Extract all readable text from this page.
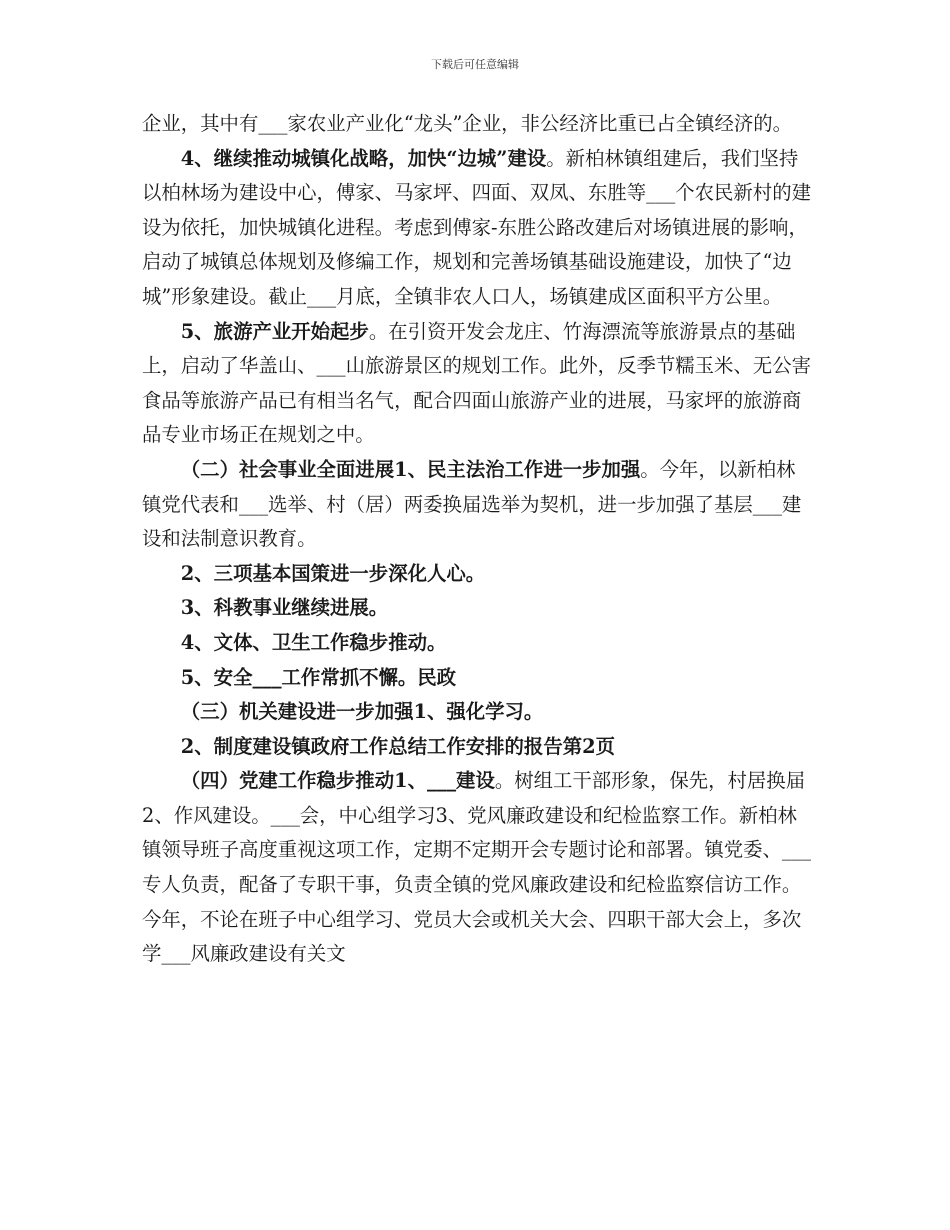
下载后可任意编辑

企业，其中有___家农业产业化“龙头”企业，非公经济比重已占全镇经济的。

4、继续推动城镇化战略，加快“边城”建设。新柏林镇组建后，我们坚持以柏林场为建设中心，傅家、马家坪、四面、双凤、东胜等___个农民新村的建设为依托，加快城镇化进程。考虑到傅家-东胜公路改建后对场镇进展的影响，启动了城镇总体规划及修编工作，规划和完善场镇基础设施建设，加快了“边城”形象建设。截止___月底，全镇非农人口人，场镇建成区面积平方公里。

5、旅游产业开始起步。在引资开发会龙庄、竹海漂流等旅游景点的基础上，启动了华盖山、___山旅游景区的规划工作。此外，反季节糯玉米、无公害食品等旅游产品已有相当名气，配合四面山旅游产业的进展，马家坪的旅游商品专业市场正在规划之中。

（二）社会事业全面进展1、民主法治工作进一步加强。今年，以新柏林镇党代表和___选举、村（居）两委换届选举为契机，进一步加强了基层___建设和法制意识教育。

2、三项基本国策进一步深化人心。

3、科教事业继续进展。

4、文体、卫生工作稳步推动。

5、安全___工作常抓不懈。民政

（三）机关建设进一步加强1、强化学习。

2、制度建设镇政府工作总结工作安排的报告第2页

（四）党建工作稳步推动1、___建设。树组工干部形象，保先，村居换届2、作风建设。___会，中心组学习3、党风廉政建设和纪检监察工作。新柏林镇领导班子高度重视这项工作，定期不定期开会专题讨论和部署。镇党委、___专人负责，配备了专职干事，负责全镇的党风廉政建设和纪检监察信访工作。今年，不论在班子中心组学习、党员大会或机关大会、四职干部大会上，多次学___风廉政建设有关文
